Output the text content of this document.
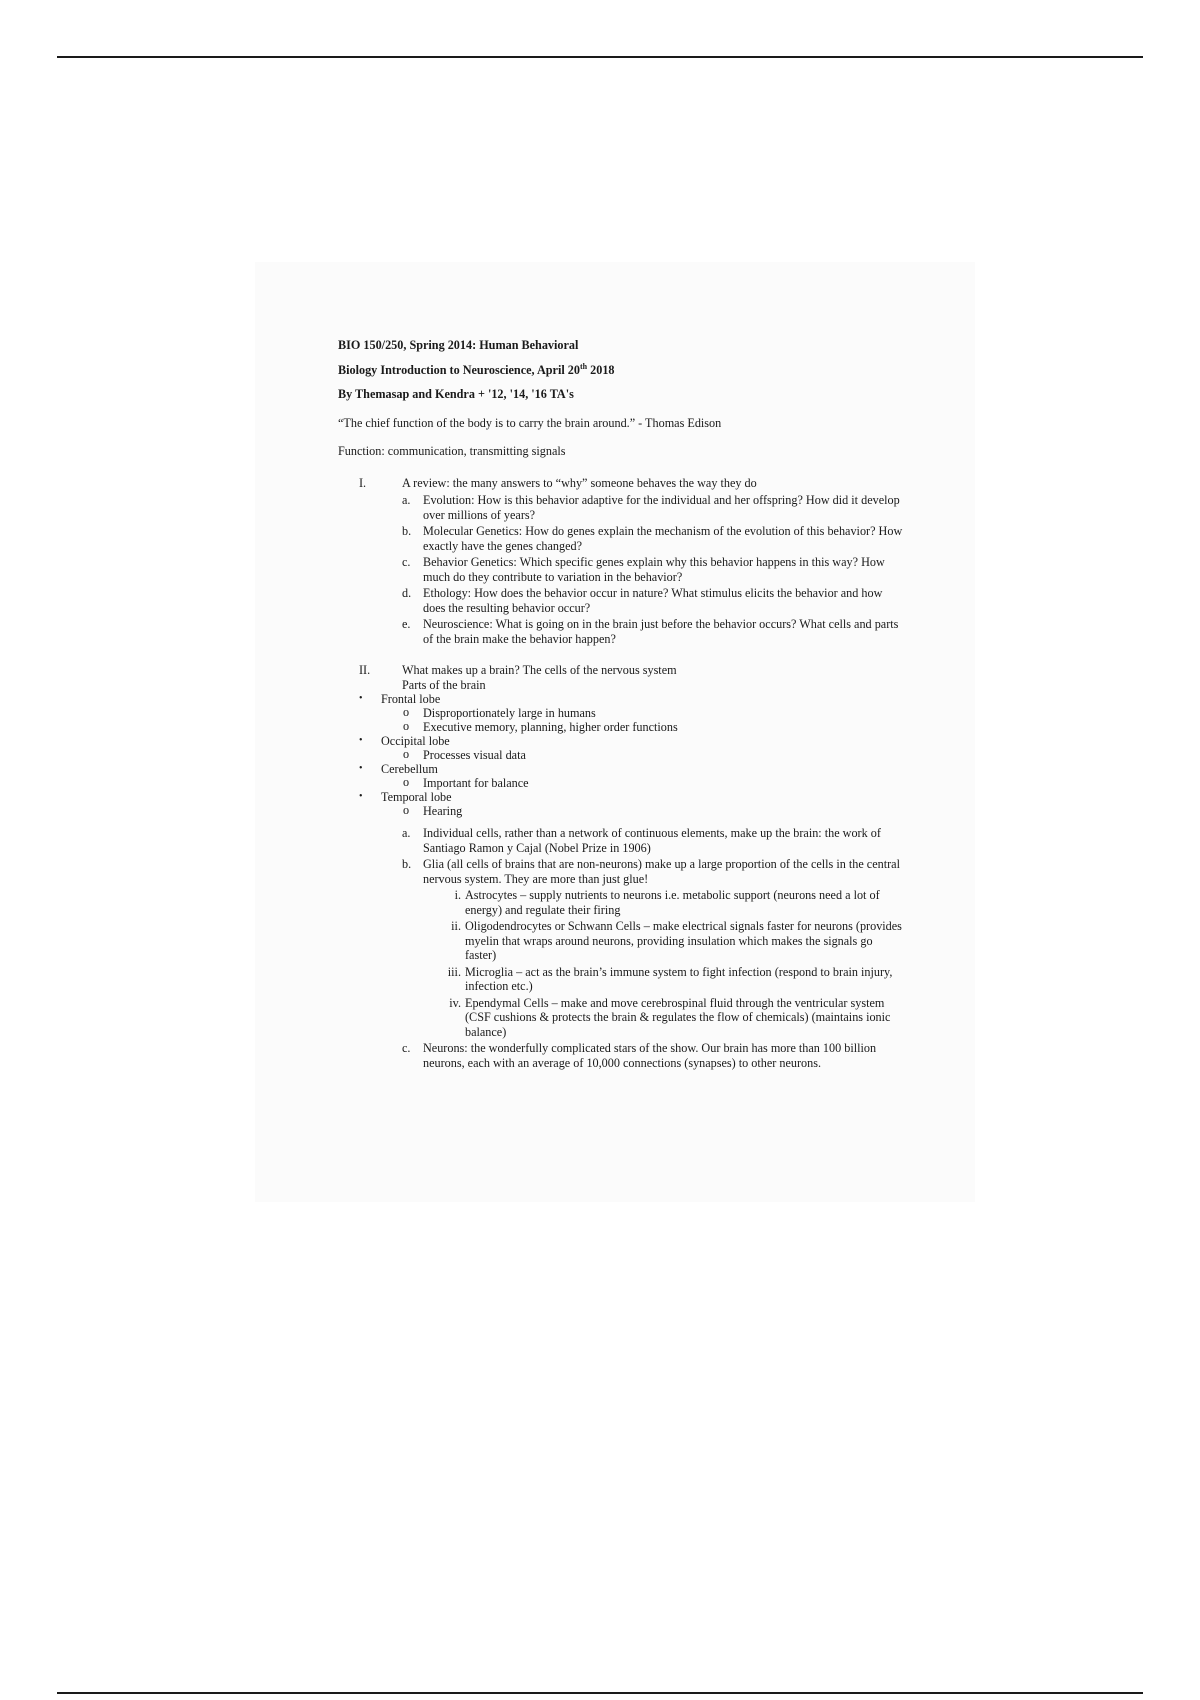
BIO 150/250, Spring 2014: Human Behavioral

Biology Introduction to Neuroscience, April 20th 2018

By Themasap and Kendra + '12, '14, '16 TA's

“The chief function of the body is to carry the brain around.” - Thomas Edison

Function: communication, transmitting signals

I.	A review: the many answers to “why” someone behaves the way they do
a.	Evolution: How is this behavior adaptive for the individual and her offspring? How did it develop over millions of years?
b. Molecular Genetics: How do genes explain the mechanism of the evolution of this behavior? How exactly have the genes changed?
c.	Behavior Genetics: Which specific genes explain why this behavior happens in this way? How much do they contribute to variation in the behavior?
d. Ethology: How does the behavior occur in nature? What stimulus elicits the behavior and how does the resulting behavior occur?
e.	Neuroscience: What is going on in the brain just before the behavior occurs? What cells and parts of the brain make the behavior happen?
II.	What makes up a brain? The cells of the nervous system
Parts of the brain
•	Frontal lobe
o	Disproportionately large in humans
o	Executive memory, planning, higher order functions
•	Occipital lobe
o	Processes visual data
•	Cerebellum
o	Important for balance
•	Temporal lobe
o	Hearing
a.	Individual cells, rather than a network of continuous elements, make up the brain: the work of Santiago Ramon y Cajal (Nobel Prize in 1906)
b. Glia (all cells of brains that are non-neurons) make up a large proportion of the cells in the central nervous system. They are more than just glue!
i. Astrocytes – supply nutrients to neurons i.e. metabolic support (neurons need a lot of energy) and regulate their firing
ii. Oligodendrocytes or Schwann Cells – make electrical signals faster for neurons (provides myelin that wraps around neurons, providing insulation which makes the signals go faster)
iii. Microglia – act as the brain’s immune system to fight infection (respond to brain injury, infection etc.)
iv. Ependymal Cells – make and move cerebrospinal fluid through the ventricular system (CSF cushions & protects the brain & regulates the flow of chemicals) (maintains ionic balance)
c.	Neurons: the wonderfully complicated stars of the show. Our brain has more than 100 billion neurons, each with an average of 10,000 connections (synapses) to other neurons.
